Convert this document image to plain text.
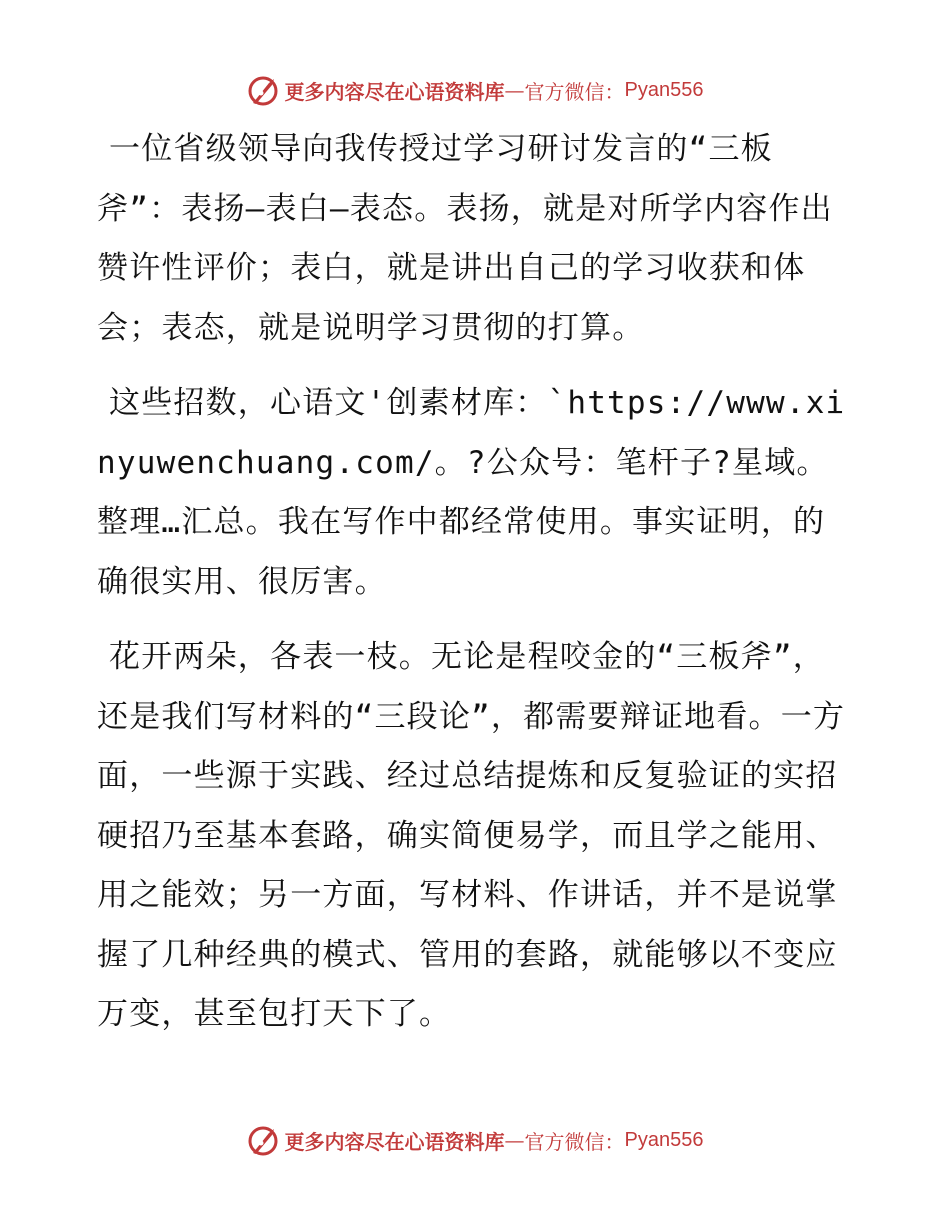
更多内容尽在心语资料库 — 官方微信： Pyan556

一位省级领导向我传授过学习研讨发言的“三板斧”：表扬—表白—表态。表扬，就是对所学内容作出赞许性评价；表白，就是讲出自己的学习收获和体会；表态，就是说明学习贯彻的打算。

这些招数，心语文'创素材库：`https://www.xinyuwenchuang.com/。?公众号：笔杆子?星域。整理…汇总。我在写作中都经常使用。事实证明，的确很实用、很厉害。

花开两朵，各表一枝。无论是程咬金的“三板斧”，还是我们写材料的“三段论”，都需要辩证地看。一方面，一些源于实践、经过总结提炼和反复验证的实招硬招乃至基本套路，确实简便易学，而且学之能用、用之能效；另一方面，写材料、作讲话，并不是说掌握了几种经典的模式、管用的套路，就能够以不变应万变，甚至包打天下了。

更多内容尽在心语资料库 — 官方微信： Pyan556
